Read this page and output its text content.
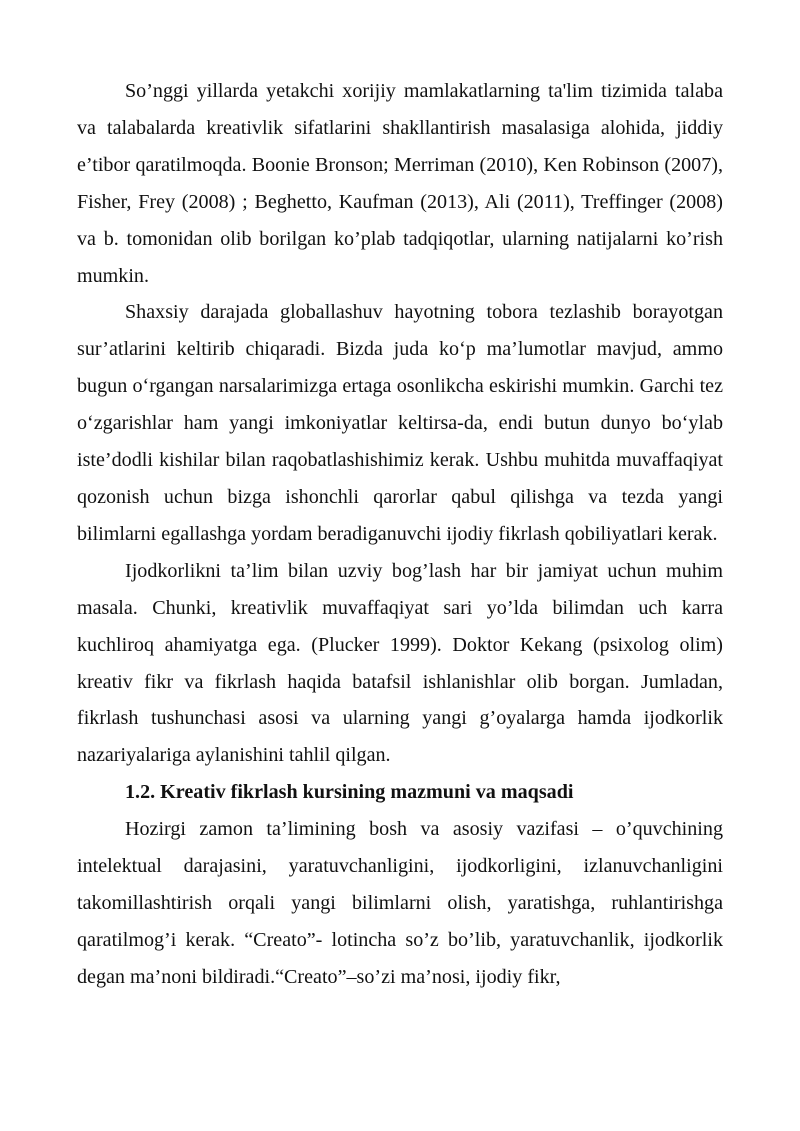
So’nggi yillarda yetakchi xorijiy mamlakatlarning ta'lim tizimida talaba va talabalarda kreativlik sifatlarini shakllantirish masalasiga alohida, jiddiy e’tibor qaratilmoqda. Boonie Bronson; Merriman (2010), Ken Robinson (2007), Fisher, Frey (2008) ; Beghetto, Kaufman (2013), Ali (2011), Treffinger (2008) va b. tomonidan olib borilgan ko’plab tadqiqotlar, ularning natijalarni ko’rish mumkin.

Shaxsiy darajada globallashuv hayotning tobora tezlashib borayotgan sur’atlarini keltirib chiqaradi. Bizda juda ko‘p ma’lumotlar mavjud, ammo bugun o‘rgangan narsalarimizga ertaga osonlikcha eskirishi mumkin. Garchi tez o‘zgarishlar ham yangi imkoniyatlar keltirsa-da, endi butun dunyo bo‘ylab iste’dodli kishilar bilan raqobatlashishimiz kerak. Ushbu muhitda muvaffaqiyat qozonish uchun bizga ishonchli qarorlar qabul qilishga va tezda yangi bilimlarni egallashga yordam beradiganuvchi ijodiy fikrlash qobiliyatlari kerak.

Ijodkorlikni ta’lim bilan uzviy bog’lash har bir jamiyat uchun muhim masala. Chunki, kreativlik muvaffaqiyat sari yo’lda bilimdan uch karra kuchliroq ahamiyatga ega. (Plucker 1999). Doktor Kekang (psixolog olim) kreativ fikr va fikrlash haqida batafsil ishlanishlar olib borgan. Jumladan, fikrlash tushunchasi asosi va ularning yangi g’oyalarga hamda ijodkorlik nazariyalariga aylanishini tahlil qilgan.

1.2. Kreativ fikrlash kursining mazmuni va maqsadi

Hozirgi zamon ta’limining bosh va asosiy vazifasi – o’quvchining intelektual darajasini, yaratuvchanligini, ijodkorligini, izlanuvchanligini takomillashtirish orqali yangi bilimlarni olish, yaratishga, ruhlantirishga qaratilmog’i kerak. “Creato”- lotincha so’z bo’lib, yaratuvchanlik, ijodkorlik degan ma’noni bildiradi.“Creato”–so’zi ma’nosi, ijodiy fikr,
